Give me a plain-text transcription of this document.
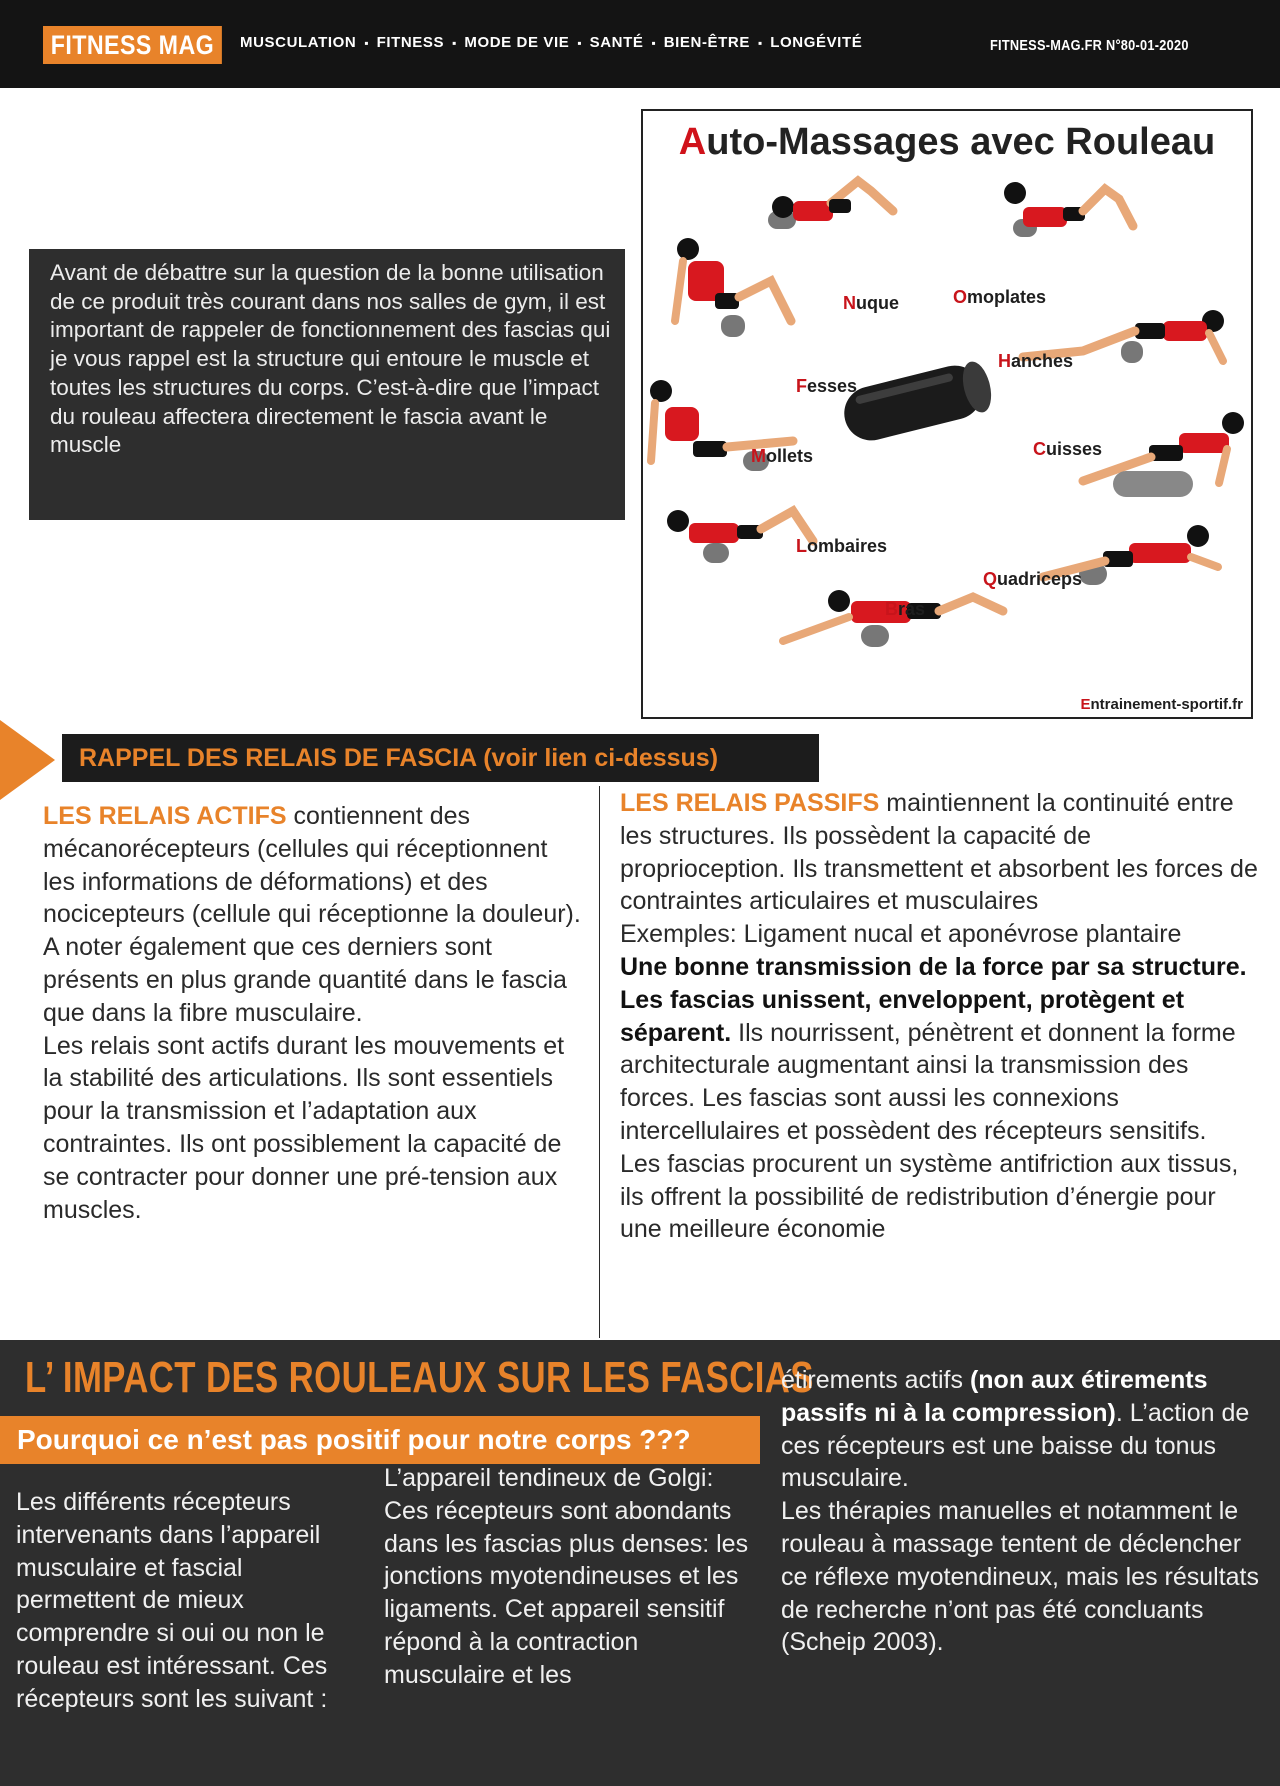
FITNESS MAG	MUSCULATION ▪ FITNESS ▪ MODE DE VIE ▪ SANTÉ ▪ BIEN-ÊTRE ▪ LONGÉVITÉ	FITNESS-MAG.FR N°80-01-2020
Avant de débattre sur la question de la bonne utilisation de ce produit très courant dans nos salles de gym, il est important de rappeler de fonctionnement des fascias qui je vous rappel est la structure qui entoure le muscle et toutes les structures du corps. C’est-à-dire que l’impact du rouleau affectera directement le fascia avant le muscle
Auto-Massages avec Rouleau
Nuque	Omoplates
Hanches
Fesses
Cuisses
Mollets
Lombaires
Quadriceps
Bras
Entrainement-sportif.fr
RAPPEL DES RELAIS DE FASCIA (voir lien ci-dessus)
LES RELAIS ACTIFS contiennent des mécanorécepteurs (cellules qui réceptionnent les informations de déformations) et des nocicepteurs (cellule qui réceptionne la douleur). A noter également que ces derniers sont présents en plus grande quantité dans le fascia que dans la fibre musculaire.
Les relais sont actifs durant les mouvements et la stabilité des articulations. Ils sont essentiels pour la transmission et l’adaptation aux contraintes. Ils ont possiblement la capacité de se contracter pour donner une pré-tension aux muscles.
LES RELAIS PASSIFS maintiennent la continuité entre les structures. Ils possèdent la capacité de proprioception. Ils transmettent et absorbent les forces de contraintes articulaires et musculaires
Exemples: Ligament nucal et aponévrose plantaire
Une bonne transmission de la force par sa structure.
Les fascias unissent, enveloppent, protègent et séparent. Ils nourrissent, pénètrent et donnent la forme architecturale augmentant ainsi la transmission des forces. Les fascias sont aussi les connexions intercellulaires et possèdent des récepteurs sensitifs.
Les fascias procurent un système antifriction aux tissus, ils offrent la possibilité de redistribution d’énergie pour une meilleure économie
L’ IMPACT DES ROULEAUX SUR LES FASCIAS
Pourquoi ce n’est pas positif pour notre corps ???
Les différents récepteurs intervenants dans l’appareil musculaire et fascial permettent de mieux comprendre si oui ou non le rouleau est intéressant. Ces récepteurs sont les suivant :
L’appareil tendineux de Golgi: Ces récepteurs sont abondants dans les fascias plus denses: les jonctions myotendineuses et les ligaments. Cet appareil sensitif répond à la contraction musculaire et les
étirements actifs (non aux étirements passifs ni à la compression). L’action de ces récepteurs est une baisse du tonus musculaire.
Les thérapies manuelles et notamment le rouleau à massage tentent de déclencher ce réflexe myotendineux, mais les résultats de recherche n’ont pas été concluants (Scheip 2003).
